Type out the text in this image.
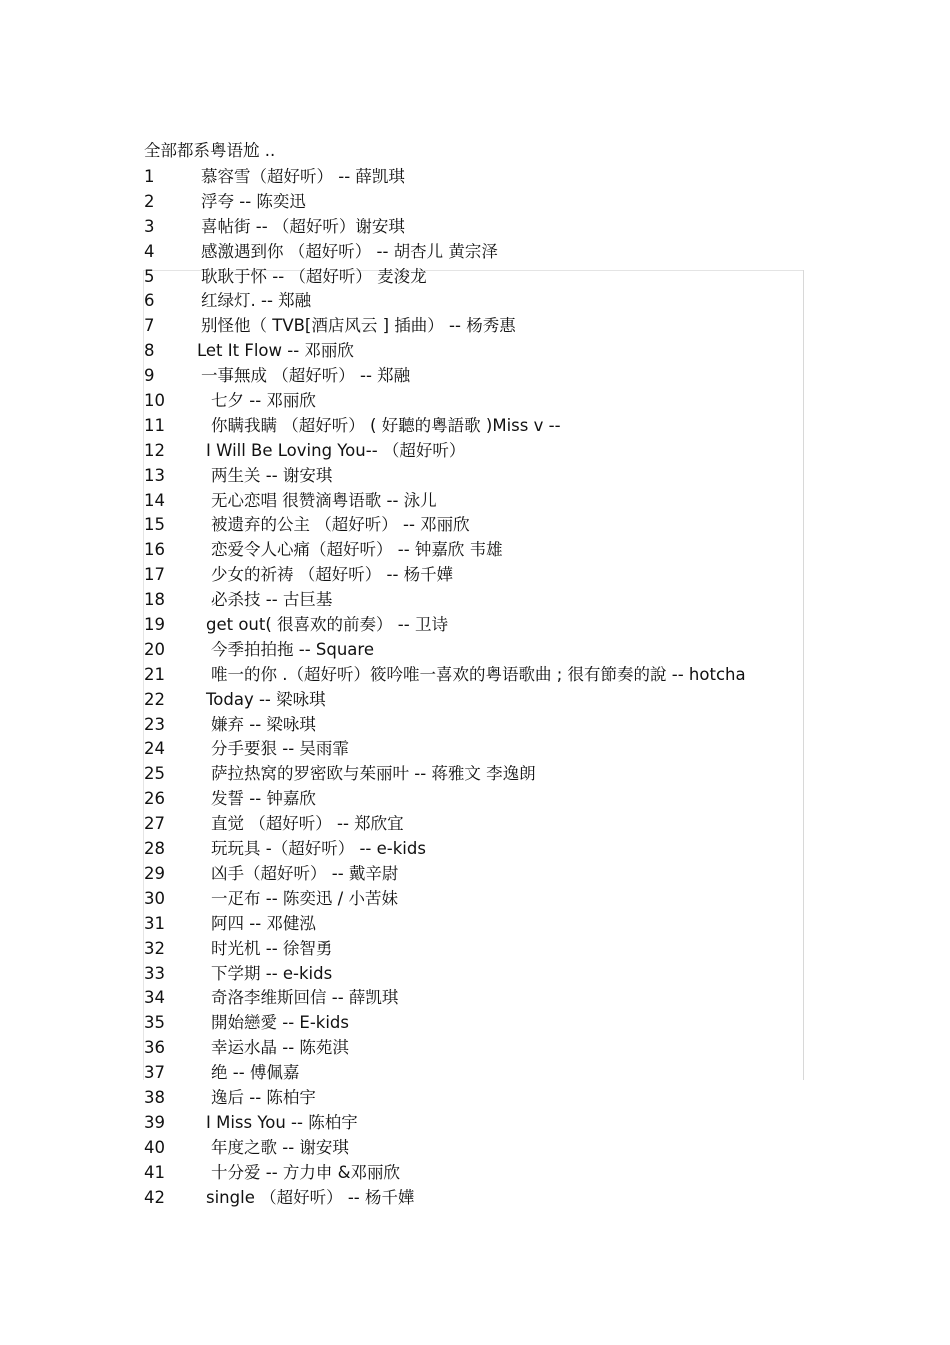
全部都系粤语尬 ..
1	慕容雪（超好听） -- 薛凯琪
2	浮夸 -- 陈奕迅
3	喜帖街 -- （超好听）谢安琪
4	感激遇到你 （超好听） -- 胡杏儿 黄宗泽
5	耿耿于怀 -- （超好听） 麦浚龙
6	红绿灯. -- 郑融
7	别怪他（ TVB[酒店风云 ] 插曲） -- 杨秀惠
8	Let It Flow -- 邓丽欣
9	一事無成 （超好听） -- 郑融
10	七夕 -- 邓丽欣
11	你瞒我瞒 （超好听） ( 好聽的粵語歌 )Miss v --
12 I Will Be Loving You-- （超好听）
13	两生关 -- 谢安琪
14	无心恋唱 很赞滴粤语歌 -- 泳儿
15	被遗弃的公主 （超好听） -- 邓丽欣
16	恋爱令人心痛（超好听） -- 钟嘉欣 韦雄
17	少女的祈祷 （超好听） -- 杨千嬅
18	必杀技 -- 古巨基
19 get out( 很喜欢的前奏） -- 卫诗
20	今季拍拍拖 -- Square
21	唯一的你 .（超好听）筱吟唯一喜欢的粤语歌曲 ; 很有節奏的說 -- hotcha
22 Today -- 梁咏琪
23	嫌弃 -- 梁咏琪
24	分手要狠 -- 吴雨霏
25	萨拉热窝的罗密欧与茱丽叶 -- 蒋雅文 李逸朗
26	发誓 -- 钟嘉欣
27	直觉 （超好听） -- 郑欣宜
28	玩玩具 -（超好听） -- e-kids
29	凶手（超好听） -- 戴辛尉
30	一疋布 -- 陈奕迅 / 小苦妹
31	阿四 -- 邓健泓
32	时光机 -- 徐智勇
33	下学期 -- e-kids
34	奇洛李维斯回信 -- 薛凯琪
35	開始戀愛 -- E-kids
36	幸运水晶 -- 陈苑淇
37	绝 -- 傅佩嘉
38	逸后 -- 陈柏宇
39 I Miss You -- 陈柏宇
40	年度之歌 -- 谢安琪
41	十分爱 -- 方力申 &邓丽欣
42 single （超好听） -- 杨千嬅
